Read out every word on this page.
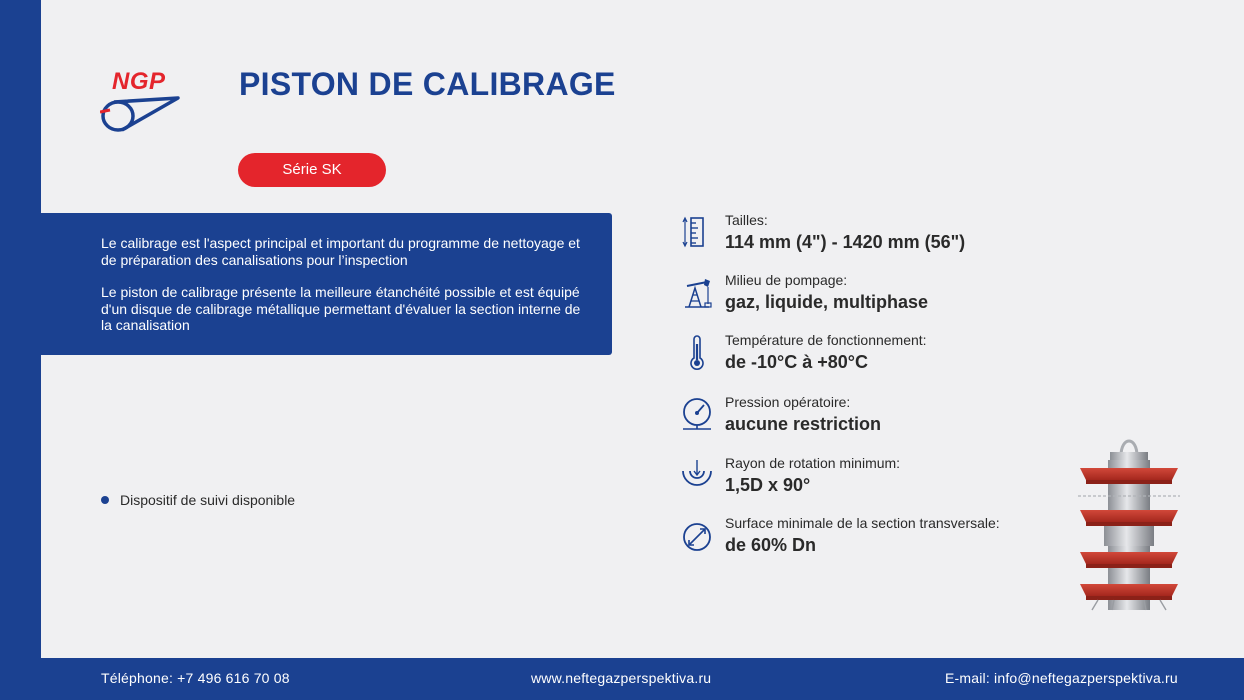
NGP PISTON DE CALIBRAGE
Série SK

Le calibrage est l'aspect principal et important du programme de nettoyage et de préparation des canalisations pour l’inspection

Le piston de calibrage présente la meilleure étanchéité possible et est équipé d'un disque de calibrage métallique permettant d'évaluer la section interne de la canalisation

Dispositif de suivi disponible
Tailles:
114 mm (4") - 1420 mm (56")
Milieu de pompage:
gaz, liquide, multiphase
Température de fonctionnement:
de -10°C à +80°C
Pression opératoire:
aucune restriction
Rayon de rotation minimum:
1,5D x 90°
Surface minimale de la section transversale:
de 60% Dn
Téléphone: +7 496 616 70 08	www.neftegazperspektiva.ru	E-mail: info@neftegazperspektiva.ru
